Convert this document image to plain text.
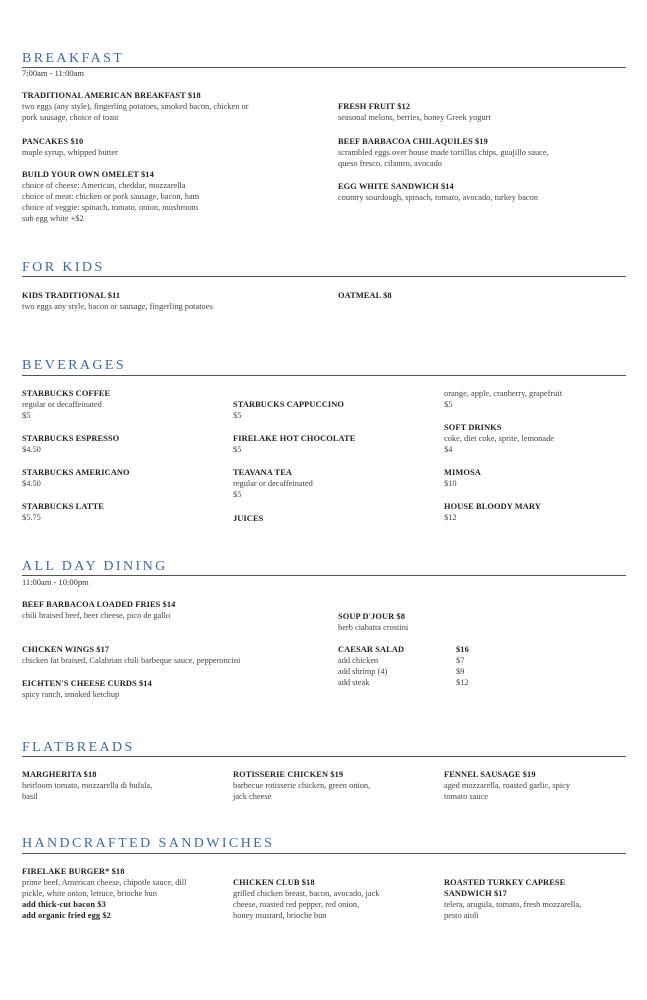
BREAKFAST
7:00am - 11:00am
TRADITIONAL AMERICAN BREAKFAST $18
two eggs (any style), fingerling potatoes, smoked bacon, chicken or
pork sausage, choice of toast
PANCAKES $10
maple syrup, whipped butter
BUILD YOUR OWN OMELET $14
choice of cheese: American, cheddar, mozzarella
choice of meat: chicken or pork sausage, bacon, ham
choice of veggie: spinach, tomato, onion, mushroom
sub egg white +$2
FRESH FRUIT $12
seasonal melons, berries, honey Greek yogurt
BEEF BARBACOA CHILAQUILES $19
scrambled eggs over house made tortillas chips, guajillo sauce,
queso fresco, cilantro, avocado
EGG WHITE SANDWICH $14
country sourdough, spinach, tomato, avocado, turkey bacon
FOR KIDS
KIDS TRADITIONAL $11
two eggs any style, bacon or sausage, fingerling potatoes
OATMEAL $8
BEVERAGES
STARBUCKS COFFEE
regular or decaffeinated
$5
STARBUCKS ESPRESSO
$4.50
STARBUCKS AMERICANO
$4.50
STARBUCKS LATTE
$5.75
STARBUCKS CAPPUCCINO
$5
FIRELAKE HOT CHOCOLATE
$5
TEAVANA TEA
regular or decaffeinated
$5
JUICES
orange, apple, cranberry, grapefruit
$5
SOFT DRINKS
coke, diet coke, sprite, lemonade
$4
MIMOSA
$10
HOUSE BLOODY MARY
$12
ALL DAY DINING
11:00am - 10:00pm
BEEF BARBACOA LOADED FRIES $14
chili braised beef, beer cheese, pico de gallo
CHICKEN WINGS $17
chicken fat braised, Calabrian chili barbeque sauce, pepperoncini
EICHTEN'S CHEESE CURDS $14
spicy ranch, smoked ketchup
SOUP D'JOUR $8
herb ciabatta crostini
CAESAR SALAD
add chicken
add shrimp (4)
add steak
$16
$7
$9
$12
FLATBREADS
MARGHERITA $18
heirloom tomato, mozzarella di bufala,
basil
ROTISSERIE CHICKEN $19
barbecue rotisserie chicken, green onion,
jack cheese
FENNEL SAUSAGE $19
aged mozzarella, roasted garlic, spicy
tomato sauce
HANDCRAFTED SANDWICHES
FIRELAKE BURGER* $18
prime beef, American cheese, chipotle sauce, dill
pickle, white onion, lettuce, brioche bun
add thick-cut bacon $3
add organic fried egg $2
CHICKEN CLUB $18
grilled chicken breast, bacon, avocado, jack
cheese, roasted red pepper, red onion,
honey mustard, brioche bun
ROASTED TURKEY CAPRESE
SANDWICH $17
telera, arugula, tomato, fresh mozzarella,
pesto aioli
